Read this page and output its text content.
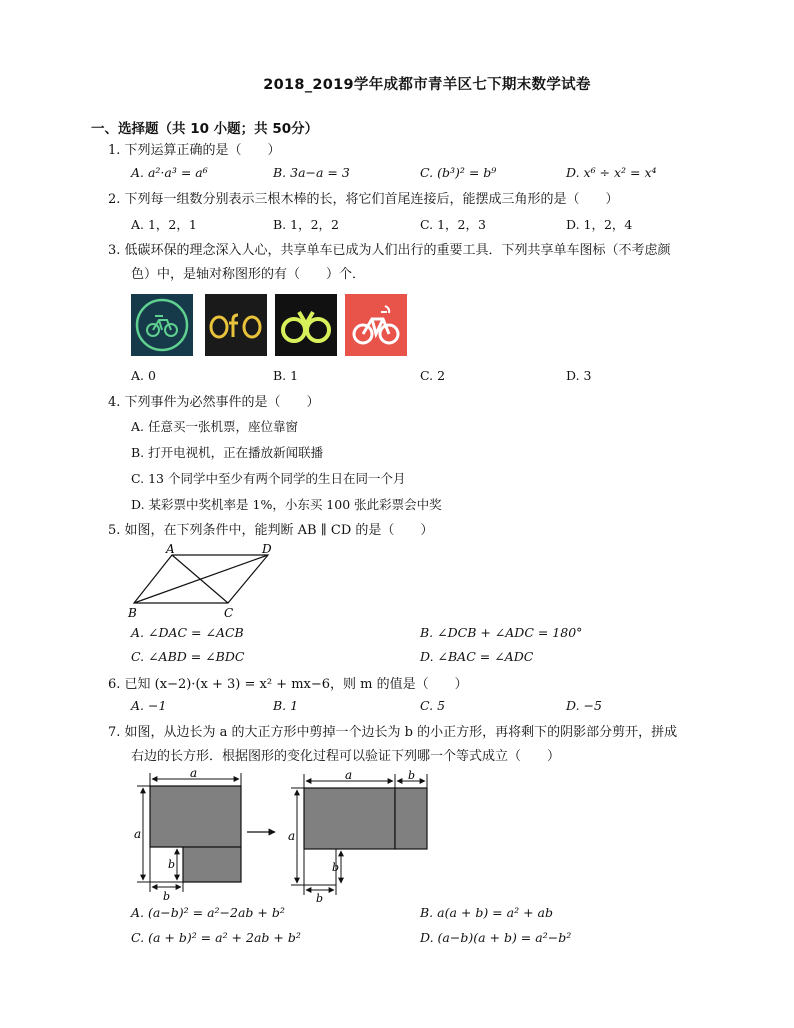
2018_2019学年成都市青羊区七下期末数学试卷
一、选择题（共 10 小题；共 50分）
1. 下列运算正确的是（　　）
A. a²·a³ = a⁶	B. 3a−a = 3	C. (b³)² = b⁹	D. x⁶ ÷ x² = x⁴
2. 下列每一组数分别表示三根木棒的长，将它们首尾连接后，能摆成三角形的是（　　）
A. 1，2，1	B. 1，2，2	C. 1，2，3	D. 1，2，4
3. 低碳环保的理念深入人心，共享单车已成为人们出行的重要工具．下列共享单车图标（不考虑颜
色）中，是轴对称图形的有（　　）个．
A. 0	B. 1	C. 2	D. 3
4. 下列事件为必然事件的是（　　）
A. 任意买一张机票，座位靠窗
B. 打开电视机，正在播放新闻联播
C. 13 个同学中至少有两个同学的生日在同一个月
D. 某彩票中奖机率是 1%，小东买 100 张此彩票会中奖
5. 如图，在下列条件中，能判断 AB ∥ CD 的是（　　）
A	D
B	C
A. ∠DAC = ∠ACB	B. ∠DCB + ∠ADC = 180°
C. ∠ABD = ∠BDC	D. ∠BAC = ∠ADC
6. 已知 (x−2)·(x + 3) = x² + mx−6，则 m 的值是（　　）
A. −1	B. 1	C. 5	D. −5
7. 如图，从边长为 a 的大正方形中剪掉一个边长为 b 的小正方形，再将剩下的阴影部分剪开，拼成
右边的长方形．根据图形的变化过程可以验证下列哪一个等式成立（　　）
a
a
b
b
a	b
a
b
b
A. (a−b)² = a²−2ab + b²	B. a(a + b) = a² + ab
C. (a + b)² = a² + 2ab + b²	D. (a−b)(a + b) = a²−b²
